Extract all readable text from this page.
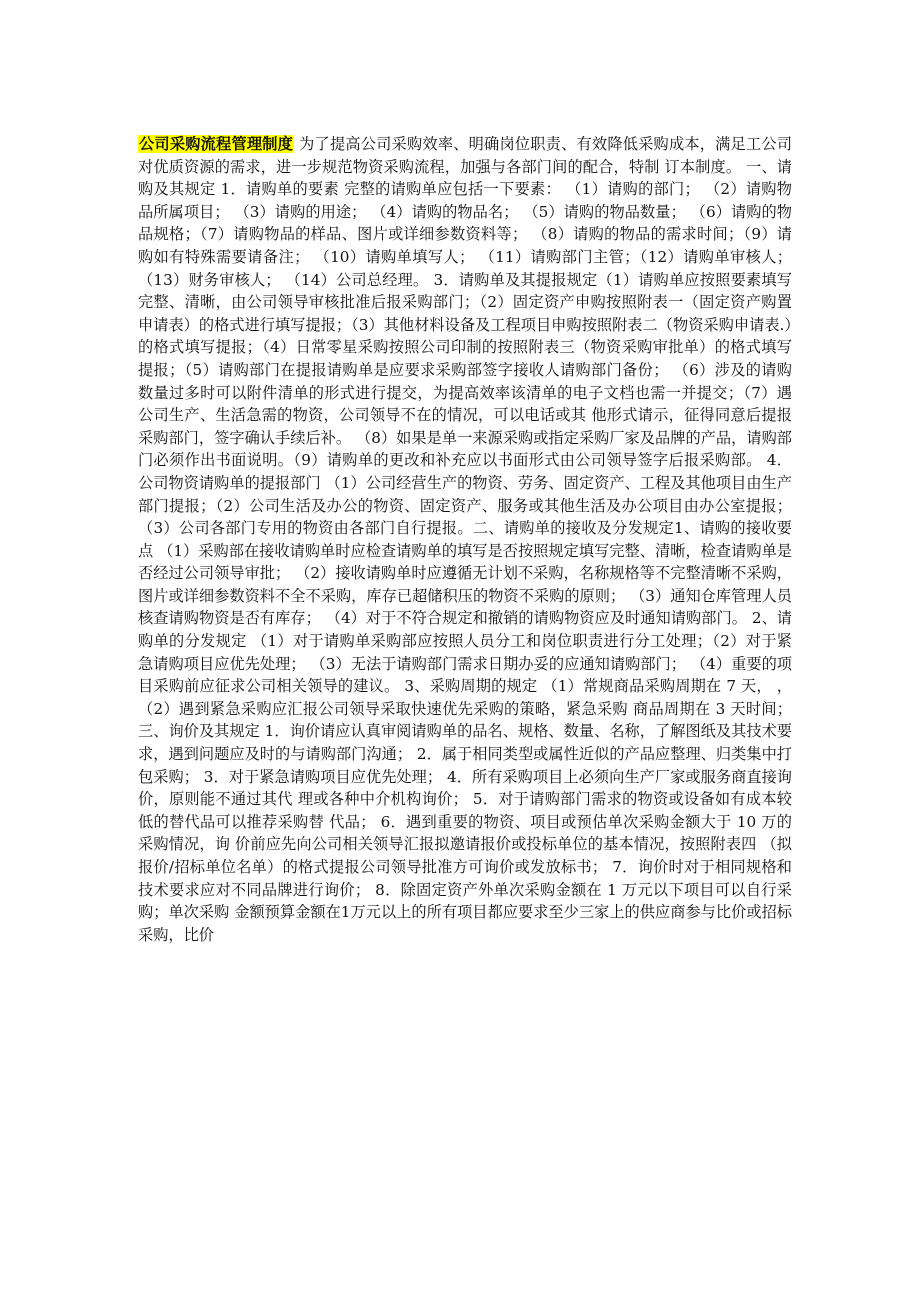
公司采购流程管理制度 为了提高公司采购效率、明确岗位职责、有效降低采购成本，满足工公司 对优质资源的需求，进一步规范物资采购流程，加强与各部门间的配合，特制 订本制度。 一、请购及其规定 1．请购单的要素 完整的请购单应包括一下要素： （1）请购的部门； （2）请购物品所属项目； （3）请购的用途； （4）请购的物品名； （5）请购的物品数量； （6）请购的物品规格；（7）请购物品的样品、图片或详细参数资料等； （8）请购的物品的需求时间；（9）请购如有特殊需要请备注； （10）请购单填写人； （11）请购部门主管；（12）请购单审核人； （13）财务审核人； （14）公司总经理。 3．请购单及其提报规定（1）请购单应按照要素填写完整、清晰，由公司领导审核批准后报采购部门；（2）固定资产申购按照附表一（固定资产购置申请表）的格式进行填写提报；（3）其他材料设备及工程项目申购按照附表二（物资采购申请表.）的格式填写提报；（4）日常零星采购按照公司印制的按照附表三（物资采购审批单）的格式填写提报；（5）请购部门在提报请购单是应要求采购部签字接收人请购部门备份； （6）涉及的请购数量过多时可以附件清单的形式进行提交，为提高效率该清单的电子文档也需一并提交；（7）遇公司生产、生活急需的物资，公司领导不在的情况，可以电话或其 他形式请示，征得同意后提报采购部门，签字确认手续后补。 （8）如果是单一来源采购或指定采购厂家及品牌的产品，请购部门必须作出书面说明。（9）请购单的更改和补充应以书面形式由公司领导签字后报采购部。 4．公司物资请购单的提报部门 （1）公司经营生产的物资、劳务、固定资产、工程及其他项目由生产部门提报；（2）公司生活及办公的物资、固定资产、服务或其他生活及办公项目由办公室提报；（3）公司各部门专用的物资由各部门自行提报。二、请购单的接收及分发规定1、请购的接收要点 （1）采购部在接收请购单时应检查请购单的填写是否按照规定填写完整、清晰，检查请购单是否经过公司领导审批； （2）接收请购单时应遵循无计划不采购，名称规格等不完整清晰不采购， 图片或详细参数资料不全不采购，库存已超储积压的物资不采购的原则； （3）通知仓库管理人员核查请购物资是否有库存； （4）对于不符合规定和撤销的请购物资应及时通知请购部门。 2、请购单的分发规定 （1）对于请购单采购部应按照人员分工和岗位职责进行分工处理；（2）对于紧急请购项目应优先处理； （3）无法于请购部门需求日期办妥的应通知请购部门； （4）重要的项目采购前应征求公司相关领导的建议。 3、采购周期的规定 （1）常规商品采购周期在 7 天， ， （2）遇到紧急采购应汇报公司领导采取快速优先采购的策略，紧急采购 商品周期在 3 天时间； 三、询价及其规定 1．询价请应认真审阅请购单的品名、规格、数量、名称，了解图纸及其技术要求，遇到问题应及时的与请购部门沟通； 2．属于相同类型或属性近似的产品应整理、归类集中打包采购； 3．对于紧急请购项目应优先处理； 4．所有采购项目上必须向生产厂家或服务商直接询价，原则能不通过其代 理或各种中介机构询价； 5．对于请购部门需求的物资或设备如有成本较低的替代品可以推荐采购替 代品； 6．遇到重要的物资、项目或预估单次采购金额大于 10 万的采购情况，询 价前应先向公司相关领导汇报拟邀请报价或投标单位的基本情况，按照附表四 （拟报价/招标单位名单）的格式提报公司领导批准方可询价或发放标书； 7．询价时对于相同规格和技术要求应对不同品牌进行询价； 8．除固定资产外单次采购金额在 1 万元以下项目可以自行采购；单次采购 金额预算金额在1万元以上的所有项目都应要求至少三家上的供应商参与比价或招标采购，比价
